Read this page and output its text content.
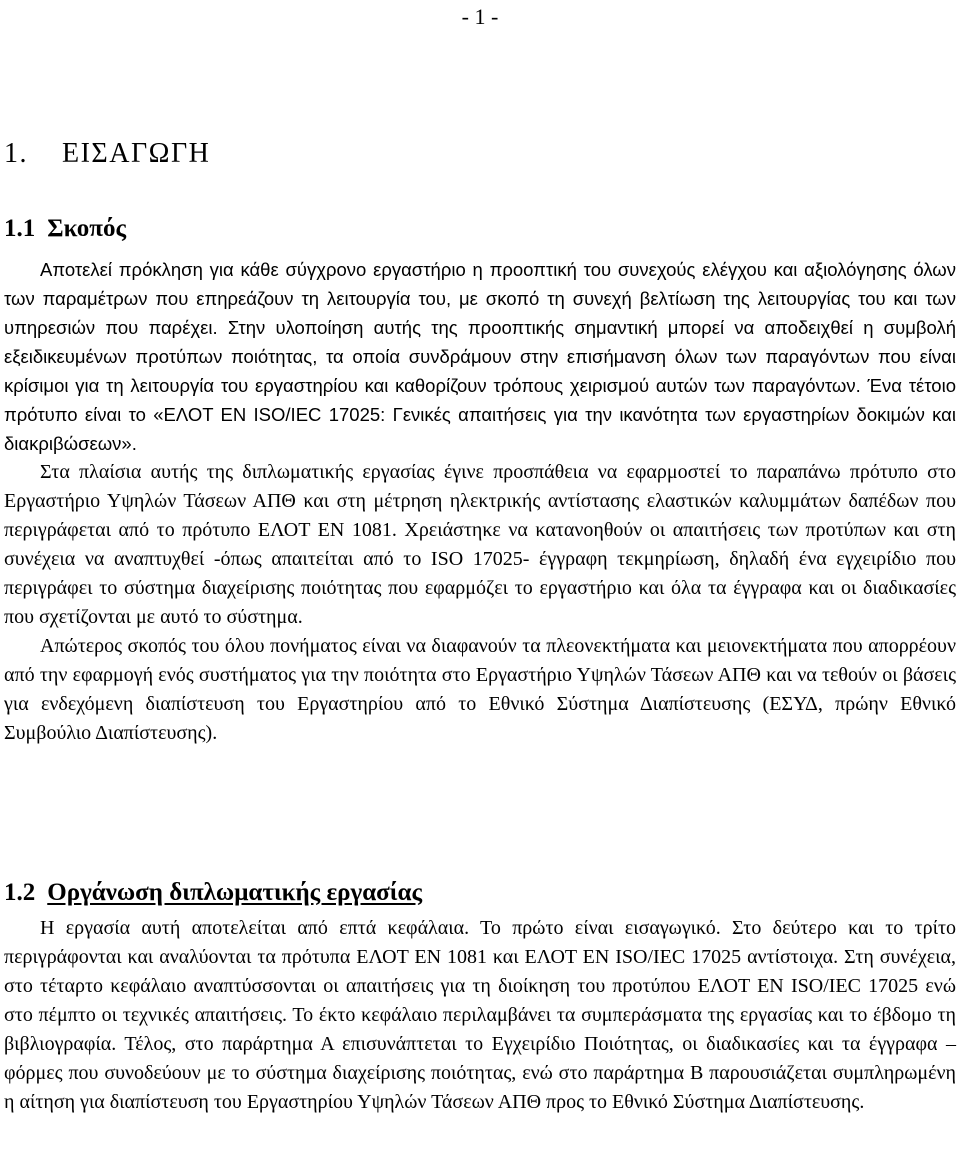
- 1 -
1. ΕΙΣΑΓΩΓΗ
1.1 Σκοπός

Αποτελεί πρόκληση για κάθε σύγχρονο εργαστήριο η προοπτική του συνεχούς ελέγχου και αξιολόγησης όλων των παραμέτρων που επηρεάζουν τη λειτουργία του, με σκοπό τη συνεχή βελτίωση της λειτουργίας του και των υπηρεσιών που παρέχει. Στην υλοποίηση αυτής της προοπτικής σημαντική μπορεί να αποδειχθεί η συμβολή εξειδικευμένων προτύπων ποιότητας, τα οποία συνδράμουν στην επισήμανση όλων των παραγόντων που είναι κρίσιμοι για τη λειτουργία του εργαστηρίου και καθορίζουν τρόπους χειρισμού αυτών των παραγόντων. Ένα τέτοιο πρότυπο είναι το «ΕΛΟΤ ΕΝ ISO/IEC 17025: Γενικές απαιτήσεις για την ικανότητα των εργαστηρίων δοκιμών και διακριβώσεων».

Στα πλαίσια αυτής της διπλωματικής εργασίας έγινε προσπάθεια να εφαρμοστεί το παραπάνω πρότυπο στο Εργαστήριο Υψηλών Τάσεων ΑΠΘ και στη μέτρηση ηλεκτρικής αντίστασης ελαστικών καλυμμάτων δαπέδων που περιγράφεται από το πρότυπο ΕΛΟΤ ΕΝ 1081. Χρειάστηκε να κατανοηθούν οι απαιτήσεις των προτύπων και στη συνέχεια να αναπτυχθεί -όπως απαιτείται από το ISO 17025- έγγραφη τεκμηρίωση, δηλαδή ένα εγχειρίδιο που περιγράφει το σύστημα διαχείρισης ποιότητας που εφαρμόζει το εργαστήριο και όλα τα έγγραφα και οι διαδικασίες που σχετίζονται με αυτό το σύστημα.

Απώτερος σκοπός του όλου πονήματος είναι να διαφανούν τα πλεονεκτήματα και μειονεκτήματα που απορρέουν από την εφαρμογή ενός συστήματος για την ποιότητα στο Εργαστήριο Υψηλών Τάσεων ΑΠΘ και να τεθούν οι βάσεις για ενδεχόμενη διαπίστευση του Εργαστηρίου από το Εθνικό Σύστημα Διαπίστευσης (ΕΣΥΔ, πρώην Εθνικό Συμβούλιο Διαπίστευσης).

1.2 Οργάνωση διπλωματικής εργασίας

Η εργασία αυτή αποτελείται από επτά κεφάλαια. Το πρώτο είναι εισαγωγικό. Στο δεύτερο και το τρίτο περιγράφονται και αναλύονται τα πρότυπα ΕΛΟΤ ΕΝ 1081 και ΕΛΟΤ ΕΝ ISO/IEC 17025 αντίστοιχα. Στη συνέχεια, στο τέταρτο κεφάλαιο αναπτύσσονται οι απαιτήσεις για τη διοίκηση του προτύπου ΕΛΟΤ ΕΝ ISO/IEC 17025 ενώ στο πέμπτο οι τεχνικές απαιτήσεις. Το έκτο κεφάλαιο περιλαμβάνει τα συμπεράσματα της εργασίας και το έβδομο τη βιβλιογραφία. Τέλος, στο παράρτημα Α επισυνάπτεται το Εγχειρίδιο Ποιότητας, οι διαδικασίες και τα έγγραφα – φόρμες που συνοδεύουν με το σύστημα διαχείρισης ποιότητας, ενώ στο παράρτημα Β παρουσιάζεται συμπληρωμένη η αίτηση για διαπίστευση του Εργαστηρίου Υψηλών Τάσεων ΑΠΘ προς το Εθνικό Σύστημα Διαπίστευσης.
